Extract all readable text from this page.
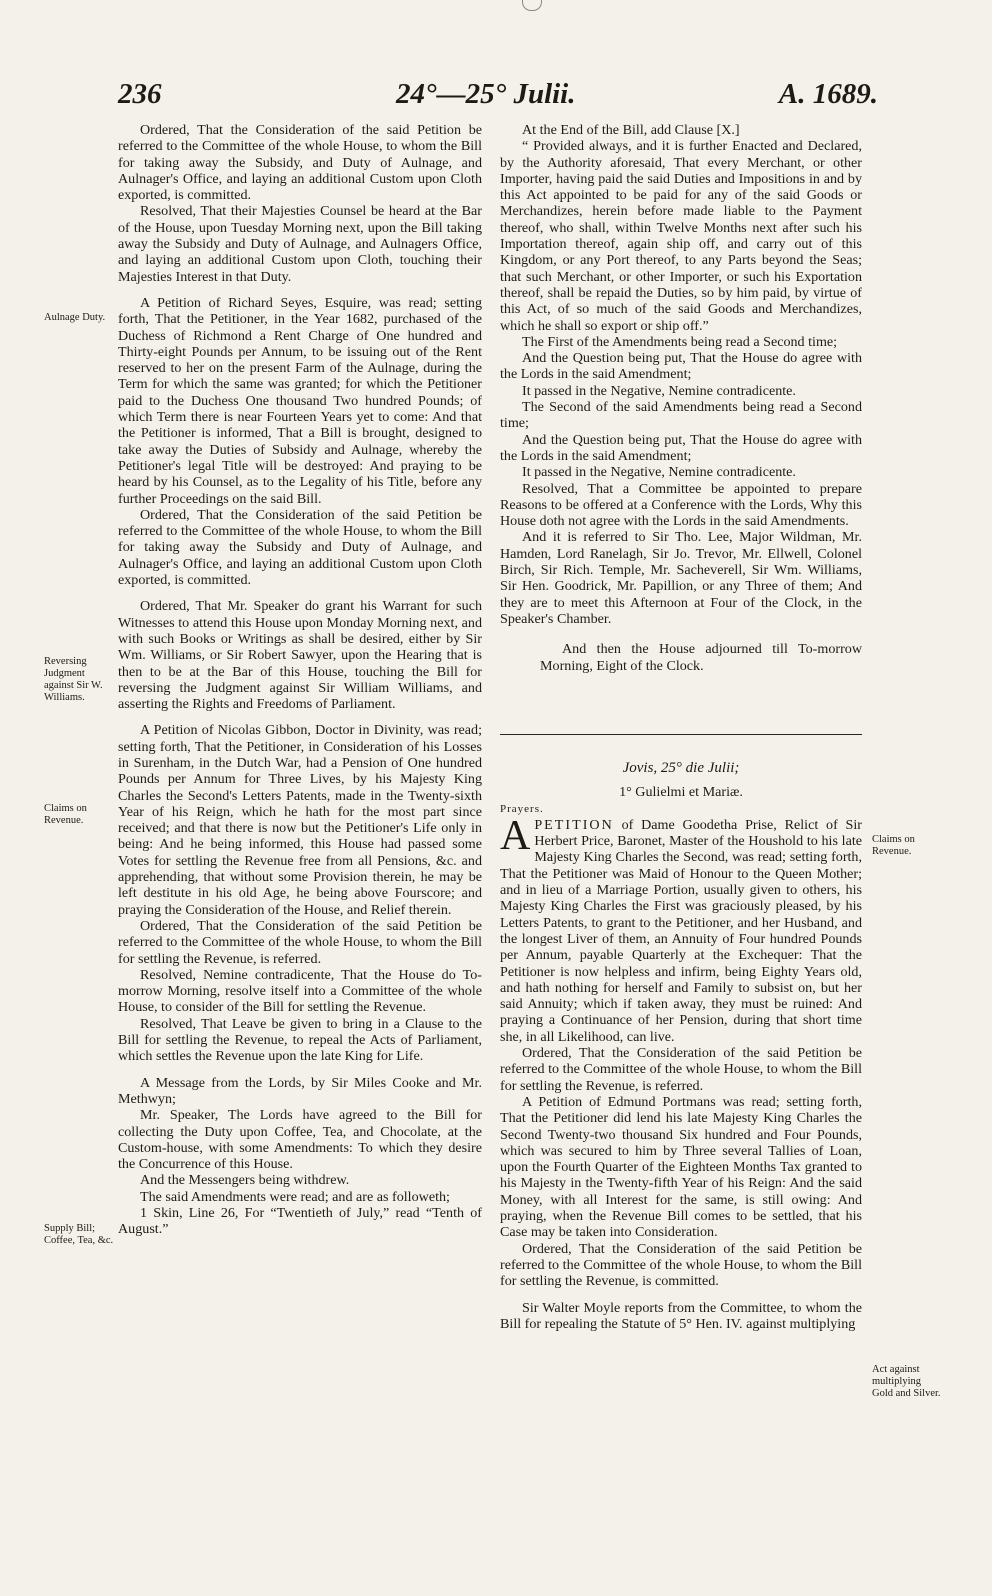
236	24°—25° Julii.	A. 1689.
Aulnage Duty.
Reversing Judgment against Sir W. Williams.
Claims on Revenue.
Supply Bill; Coffee, Tea, &c.
Claims on Revenue.
Act against multiplying Gold and Silver.

Ordered, That the Consideration of the said Petition be referred to the Committee of the whole House, to whom the Bill for taking away the Subsidy, and Duty of Aulnage, and Aulnager's Office, and laying an additional Custom upon Cloth exported, is committed.

Resolved, That their Majesties Counsel be heard at the Bar of the House, upon Tuesday Morning next, upon the Bill taking away the Subsidy and Duty of Aulnage, and Aulnagers Office, and laying an additional Custom upon Cloth, touching their Majesties Interest in that Duty.

A Petition of Richard Seyes, Esquire, was read; setting forth, That the Petitioner, in the Year 1682, purchased of the Duchess of Richmond a Rent Charge of One hundred and Thirty-eight Pounds per Annum, to be issuing out of the Rent reserved to her on the present Farm of the Aulnage, during the Term for which the same was granted; for which the Petitioner paid to the Duchess One thousand Two hundred Pounds; of which Term there is near Fourteen Years yet to come: And that the Petitioner is informed, That a Bill is brought, designed to take away the Duties of Subsidy and Aulnage, whereby the Petitioner's legal Title will be destroyed: And praying to be heard by his Counsel, as to the Legality of his Title, before any further Proceedings on the said Bill.

Ordered, That the Consideration of the said Petition be referred to the Committee of the whole House, to whom the Bill for taking away the Subsidy and Duty of Aulnage, and Aulnager's Office, and laying an additional Custom upon Cloth exported, is committed.

Ordered, That Mr. Speaker do grant his Warrant for such Witnesses to attend this House upon Monday Morning next, and with such Books or Writings as shall be desired, either by Sir Wm. Williams, or Sir Robert Sawyer, upon the Hearing that is then to be at the Bar of this House, touching the Bill for reversing the Judgment against Sir William Williams, and asserting the Rights and Freedoms of Parliament.

A Petition of Nicolas Gibbon, Doctor in Divinity, was read; setting forth, That the Petitioner, in Consideration of his Losses in Surenham, in the Dutch War, had a Pension of One hundred Pounds per Annum for Three Lives, by his Majesty King Charles the Second's Letters Patents, made in the Twenty-sixth Year of his Reign, which he hath for the most part since received; and that there is now but the Petitioner's Life only in being: And he being informed, this House had passed some Votes for settling the Revenue free from all Pensions, &c. and apprehending, that without some Provision therein, he may be left destitute in his old Age, he being above Fourscore; and praying the Consideration of the House, and Relief therein.

Ordered, That the Consideration of the said Petition be referred to the Committee of the whole House, to whom the Bill for settling the Revenue, is referred.

Resolved, Nemine contradicente, That the House do To-morrow Morning, resolve itself into a Committee of the whole House, to consider of the Bill for settling the Revenue.

Resolved, That Leave be given to bring in a Clause to the Bill for settling the Revenue, to repeal the Acts of Parliament, which settles the Revenue upon the late King for Life.

A Message from the Lords, by Sir Miles Cooke and Mr. Methwyn;

Mr. Speaker, The Lords have agreed to the Bill for collecting the Duty upon Coffee, Tea, and Chocolate, at the Custom-house, with some Amendments: To which they desire the Concurrence of this House.

And the Messengers being withdrew.

The said Amendments were read; and are as followeth;

1 Skin, Line 26, For “Twentieth of July,” read “Tenth of August.”

At the End of the Bill, add Clause [X.]

“ Provided always, and it is further Enacted and Declared, by the Authority aforesaid, That every Merchant, or other Importer, having paid the said Duties and Impositions in and by this Act appointed to be paid for any of the said Goods or Merchandizes, herein before made liable to the Payment thereof, who shall, within Twelve Months next after such his Importation thereof, again ship off, and carry out of this Kingdom, or any Port thereof, to any Parts beyond the Seas; that such Merchant, or other Importer, or such his Exportation thereof, shall be repaid the Duties, so by him paid, by virtue of this Act, of so much of the said Goods and Merchandizes, which he shall so export or ship off.”

The First of the Amendments being read a Second time;

And the Question being put, That the House do agree with the Lords in the said Amendment;

It passed in the Negative, Nemine contradicente.

The Second of the said Amendments being read a Second time;

And the Question being put, That the House do agree with the Lords in the said Amendment;

It passed in the Negative, Nemine contradicente.

Resolved, That a Committee be appointed to prepare Reasons to be offered at a Conference with the Lords, Why this House doth not agree with the Lords in the said Amendments.

And it is referred to Sir Tho. Lee, Major Wildman, Mr. Hamden, Lord Ranelagh, Sir Jo. Trevor, Mr. Ellwell, Colonel Birch, Sir Rich. Temple, Mr. Sacheverell, Sir Wm. Williams, Sir Hen. Goodrick, Mr. Papillion, or any Three of them; And they are to meet this Afternoon at Four of the Clock, in the Speaker's Chamber.

And then the House adjourned till To-morrow Morning, Eight of the Clock.

Jovis, 25° die Julii;

1° Gulielmi et Mariæ.

Prayers.

APETITION of Dame Goodetha Prise, Relict of Sir Herbert Price, Baronet, Master of the Houshold to his late Majesty King Charles the Second, was read; setting forth, That the Petitioner was Maid of Honour to the Queen Mother; and in lieu of a Marriage Portion, usually given to others, his Majesty King Charles the First was graciously pleased, by his Letters Patents, to grant to the Petitioner, and her Husband, and the longest Liver of them, an Annuity of Four hundred Pounds per Annum, payable Quarterly at the Exchequer: That the Petitioner is now helpless and infirm, being Eighty Years old, and hath nothing for herself and Family to subsist on, but her said Annuity; which if taken away, they must be ruined: And praying a Continuance of her Pension, during that short time she, in all Likelihood, can live.

Ordered, That the Consideration of the said Petition be referred to the Committee of the whole House, to whom the Bill for settling the Revenue, is referred.

A Petition of Edmund Portmans was read; setting forth, That the Petitioner did lend his late Majesty King Charles the Second Twenty-two thousand Six hundred and Four Pounds, which was secured to him by Three several Tallies of Loan, upon the Fourth Quarter of the Eighteen Months Tax granted to his Majesty in the Twenty-fifth Year of his Reign: And the said Money, with all Interest for the same, is still owing: And praying, when the Revenue Bill comes to be settled, that his Case may be taken into Consideration.

Ordered, That the Consideration of the said Petition be referred to the Committee of the whole House, to whom the Bill for settling the Revenue, is committed.

Sir Walter Moyle reports from the Committee, to whom the Bill for repealing the Statute of 5° Hen. IV. against multiplying
